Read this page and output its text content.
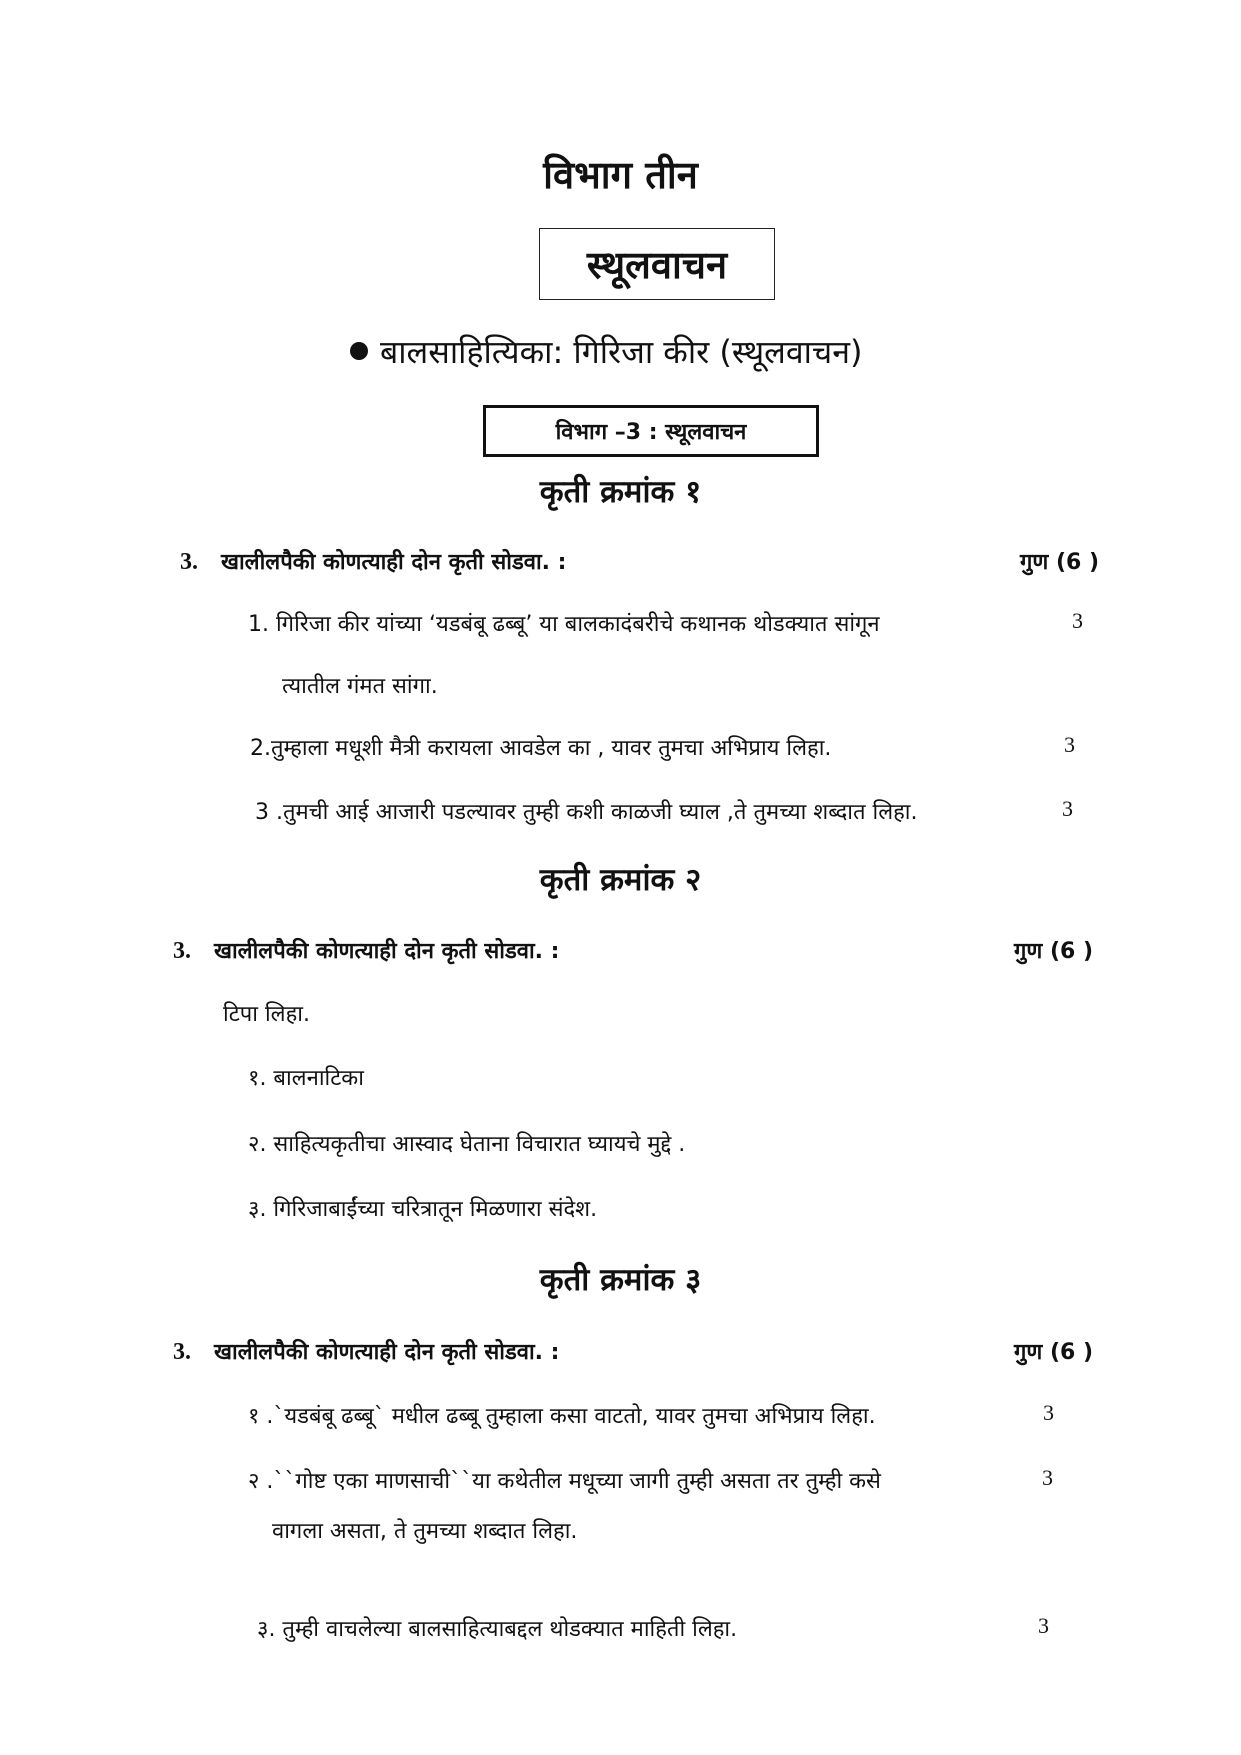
विभाग तीन
स्थूलवाचन
बालसाहित्यिका: गिरिजा कीर (स्थूलवाचन)
विभाग –3 : स्थूलवाचन
कृती क्रमांक १
3. खालीलपैकी कोणत्याही दोन कृती सोडवा. :	गुण (6 )
1. गिरिजा कीर यांच्या ‘यडबंबू ढब्बू’ या बालकादंबरीचे कथानक थोडक्यात सांगून	3
त्यातील गंमत सांगा.
2.तुम्हाला मधूशी मैत्री करायला आवडेल का , यावर तुमचा अभिप्राय लिहा.	3
3 .तुमची आई आजारी पडल्यावर तुम्ही कशी काळजी घ्याल ,ते तुमच्या शब्दात लिहा.	3
कृती क्रमांक २
3. खालीलपैकी कोणत्याही दोन कृती सोडवा. :	गुण (6 )
टिपा लिहा.
१. बालनाटिका
२. साहित्यकृतीचा आस्वाद घेताना विचारात घ्यायचे मुद्दे .
३. गिरिजाबाईंच्या चरित्रातून मिळणारा संदेश.
कृती क्रमांक ३
3. खालीलपैकी कोणत्याही दोन कृती सोडवा. :	गुण (6 )
१ .`यडबंबू ढब्बू` मधील ढब्बू तुम्हाला कसा वाटतो, यावर तुमचा अभिप्राय लिहा.	3
२ .``गोष्ट एका माणसाची``या कथेतील मधूच्या जागी तुम्ही असता तर तुम्ही कसे	3
वागला असता, ते तुमच्या शब्दात लिहा.
३. तुम्ही वाचलेल्या बालसाहित्याबद्दल थोडक्यात माहिती लिहा.	3
